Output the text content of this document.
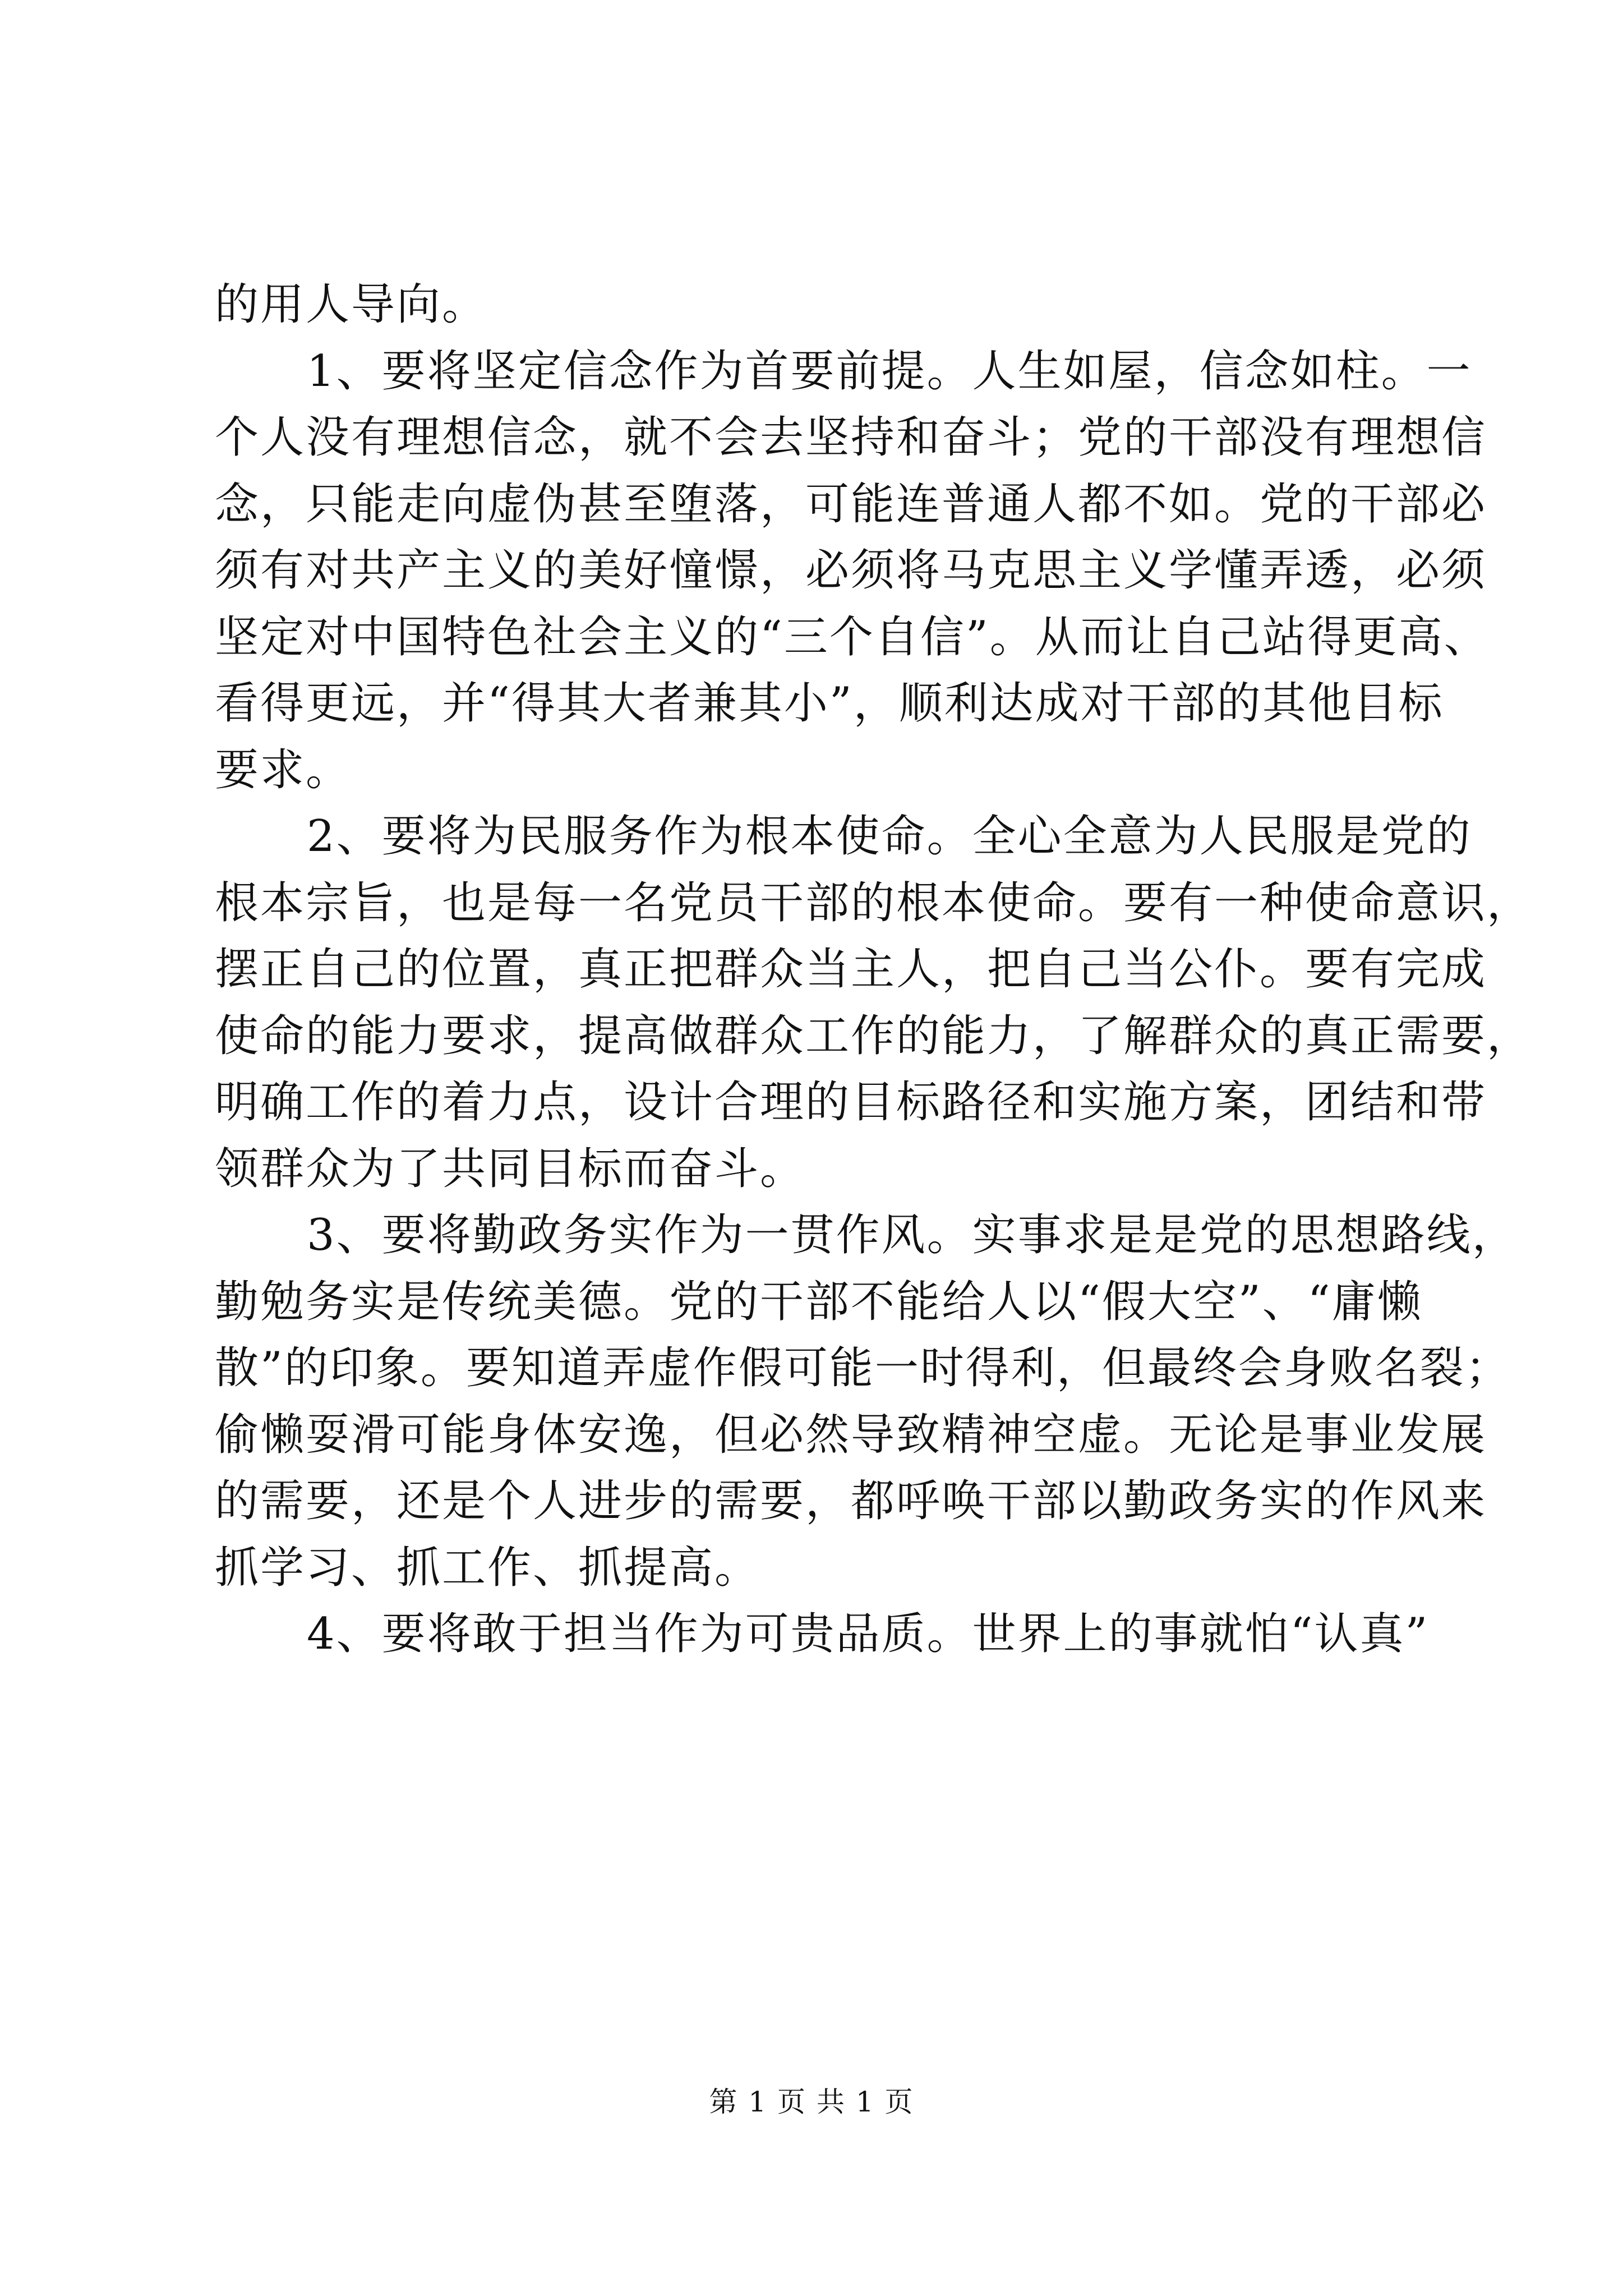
的用人导向。
1、要将坚定信念作为首要前提。人生如屋，信念如柱。一
个人没有理想信念，就不会去坚持和奋斗；党的干部没有理想信
念，只能走向虚伪甚至堕落，可能连普通人都不如。党的干部必
须有对共产主义的美好憧憬，必须将马克思主义学懂弄透，必须
坚定对中国特色社会主义的“三个自信”。从而让自己站得更高、
看得更远，并“得其大者兼其小”，顺利达成对干部的其他目标
要求。
2、要将为民服务作为根本使命。全心全意为人民服是党的
根本宗旨，也是每一名党员干部的根本使命。要有一种使命意识，
摆正自己的位置，真正把群众当主人，把自己当公仆。要有完成
使命的能力要求，提高做群众工作的能力，了解群众的真正需要，
明确工作的着力点，设计合理的目标路径和实施方案，团结和带
领群众为了共同目标而奋斗。
3、要将勤政务实作为一贯作风。实事求是是党的思想路线，
勤勉务实是传统美德。党的干部不能给人以“假大空”、“庸懒
散”的印象。要知道弄虚作假可能一时得利，但最终会身败名裂；
偷懒耍滑可能身体安逸，但必然导致精神空虚。无论是事业发展
的需要，还是个人进步的需要，都呼唤干部以勤政务实的作风来
抓学习、抓工作、抓提高。
4、要将敢于担当作为可贵品质。世界上的事就怕“认真”
第 1 页 共 1 页
